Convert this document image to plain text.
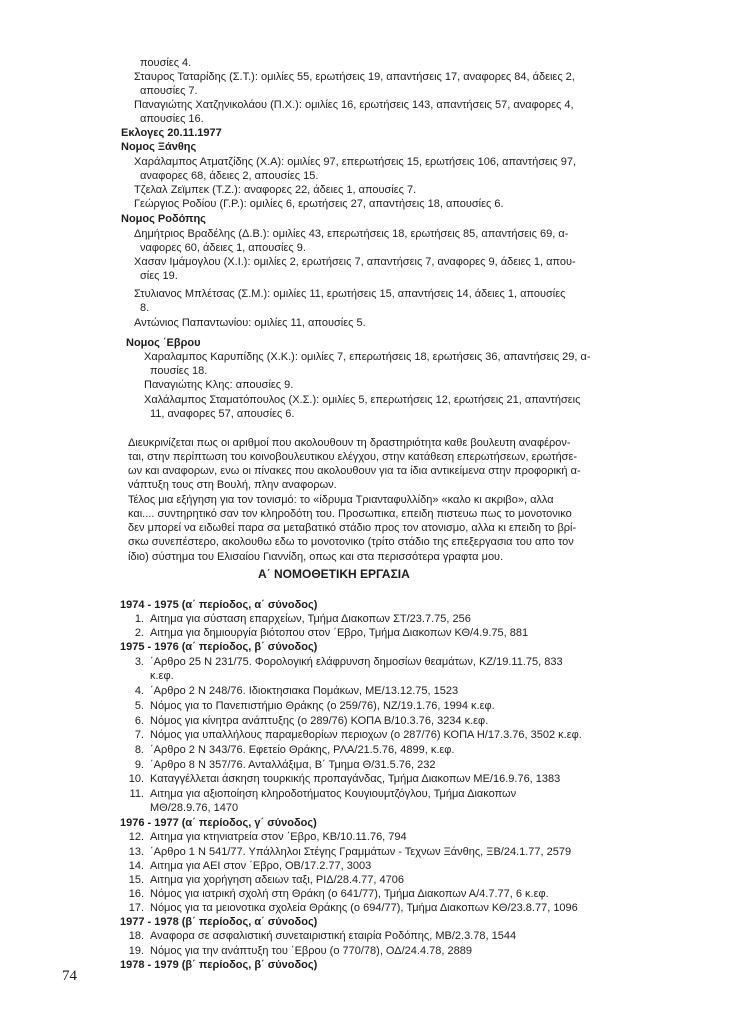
πουσίες 4.
Σταυρος Ταταρίδης (Σ.Τ.): ομιλίες 55, ερωτήσεις 19, απαντήσεις 17, αναφορες 84, άδειες 2,
απουσίες 7.
Παναγιώτης Χατζηνικολάου (Π.Χ.): ομιλίες 16, ερωτήσεις 143, απαντήσεις 57, αναφορες 4,
απουσίες 16.
Εκλογες 20.11.1977
Νομος Ξάνθης
Χαράλαμπος Ατματζίδης (Χ.Α): ομιλίες 97, επερωτήσεις 15, ερωτήσεις 106, απαντήσεις 97,
αναφορες 68, άδειες 2, απουσίες 15.
Τζελαλ Ζεϊμπεκ (Τ.Ζ.): αναφορες 22, άδειες 1, απουσίες 7.
Γεώργιος Ροδίου (Γ.Ρ.): ομιλίες 6, ερωτήσεις 27, απαντήσεις 18, απουσίες 6.
Νομος Ροδόπης
Δημήτριος Βραδέλης (Δ.Β.): ομιλίες 43, επερωτήσεις 18, ερωτήσεις 85, απαντήσεις 69, α-
ναφορες 60, άδειες 1, απουσίες 9.
Χασαν Ιμάμογλου (Χ.Ι.): ομιλίες 2, ερωτήσεις 7, απαντήσεις 7, αναφορες 9, άδειες 1, απου-
σίες 19.
Στυλιανος Μπλέτσας (Σ.Μ.): ομιλίες 11, ερωτήσεις 15, απαντήσεις 14, άδειες 1, απουσίες
8.
Αντώνιος Παπαντωνίου: ομιλίες 11, απουσίες 5.
Νομος ΄Εβρου
Χαραλαμπος Καρυπίδης (Χ.Κ.): ομιλίες 7, επερωτήσεις 18, ερωτήσεις 36, απαντήσεις 29, α-
πουσίες 18.
Παναγιώτης Κλης: απουσίες 9.
Χαλάλαμπος Σταματόπουλος (Χ.Σ.): ομιλίες 5, επερωτήσεις 12, ερωτήσεις 21, απαντήσεις
11, αναφορες 57, απουσίες 6.
Διευκρινίζεται πως οι αριθμοί που ακολουθουν τη δραστηριότητα καθε βουλευτη αναφέρον-
ται, στην περίπτωση του κοινοβουλευτικου ελέγχου, στην κατάθεση επερωτήσεων, ερωτήσε-
ων και αναφορων, ενω οι πίνακες που ακολουθουν για τα ίδια αντικείμενα στην προφορική α-
νάπτυξη τους στη Βουλή, πλην αναφορων.
Τέλος μια εξήγηση για τον τονισμό: το «ίδρυμα Τριανταφυλλίδη» «καλο κι ακριβο», αλλα
και.... συντηρητικό σαν τον κληροδότη του. Προσωπικα, επειδη πιστευω πως το μονοτονικο
δεν μπορεί να ειδωθεί παρα σα μεταβατικό στάδιο προς τον ατονισμο, αλλα κι επειδη το βρί-
σκω συνεπέστερο, ακολουθω εδω το μονοτονικο (τρίτο στάδιο της επεξεργασια του απο τον
ίδιο) σύστημα του Ελισαίου Γιαννίδη, οπως και στα περισσότερα γραφτα μου.
Α΄ ΝΟΜΟΘΕΤΙΚΗ ΕΡΓΑΣΙΑ
1974 - 1975 (α΄ περίοδος, α΄ σύνοδος)
1. Αιτημα για σύσταση επαρχείων, Τμήμα Διακοπων ΣΤ/23.7.75, 256
2. Αιτημα για δημιουργία βιότοπου στον ΄Εβρο, Τμήμα Διακοπων ΚΘ/4.9.75, 881
1975 - 1976 (α΄ περίοδος, β΄ σύνοδος)
3. ΄Αρθρο 25 Ν 231/75. Φορολογική ελάφρυνση δημοσίων θεαμάτων, ΚΖ/19.11.75, 833
κ.εφ.
4. ΄Αρθρο 2 Ν 248/76. Ιδιοκτησιακα Πομάκων, ΜΕ/13.12.75, 1523
5. Νόμος για το Πανεπιστήμιο Θράκης (ο 259/76), ΝΖ/19.1.76, 1994 κ.εφ.
6. Νόμος για κίνητρα ανάπτυξης (ο 289/76) ΚΟΠΑ Β/10.3.76, 3234 κ.εφ.
7. Νόμος για υπαλλήλους παραμεθορίων περιοχων (ο 287/76) ΚΟΠΑ Η/17.3.76, 3502 κ.εφ.
8. ΄Αρθρο 2 Ν 343/76. Εφετείο Θράκης, ΡΛΑ/21.5.76, 4899, κ.εφ.
9. ΄Αρθρο 8 Ν 357/76. Ανταλλάξιμα, Β΄ Τμημα Θ/31.5.76, 232
10. Καταγγέλλεται άσκηση τουρκικής προπαγάνδας, Τμήμα Διακοπων ΜΕ/16.9.76, 1383
11. Αιτημα για αξιοποίηση κληροδοτήματος Κουγιουμτζόγλου, Τμήμα Διακοπων
ΜΘ/28.9.76, 1470
1976 - 1977 (α΄ περίοδος, γ΄ σύνοδος)
12. Αιτημα για κτηνιατρεία στον ΄Εβρο, ΚΒ/10.11.76, 794
13. ΄Αρθρο 1 Ν 541/77. Υπάλληλοι Στέγης Γραμμάτων - Τεχνων Ξάνθης, ΞΒ/24.1.77, 2579
14. Αιτημα για ΑΕΙ στον ΄Εβρο, ΟΒ/17.2.77, 3003
15. Αιτημα για χορήγηση αδειων ταξι, ΡΙΔ/28.4.77, 4706
16. Νόμος για ιατρική σχολή στη Θράκη (ο 641/77), Τμήμα Διακοπων Α/4.7.77, 6 κ.εφ.
17. Νόμος για τα μειονοτικα σχολεία Θράκης (ο 694/77), Τμήμα Διακοπων ΚΘ/23.8.77, 1096
1977 - 1978 (β΄ περίοδος, α΄ σύνοδος)
18. Αναφορα σε ασφαλιστική συνεταιριστική εταιρία Ροδόπης, ΜΒ/2.3.78, 1544
19. Νόμος για την ανάπτυξη του ΄Εβρου (ο 770/78), ΟΔ/24.4.78, 2889
1978 - 1979 (β΄ περίοδος, β΄ σύνοδος)
74
